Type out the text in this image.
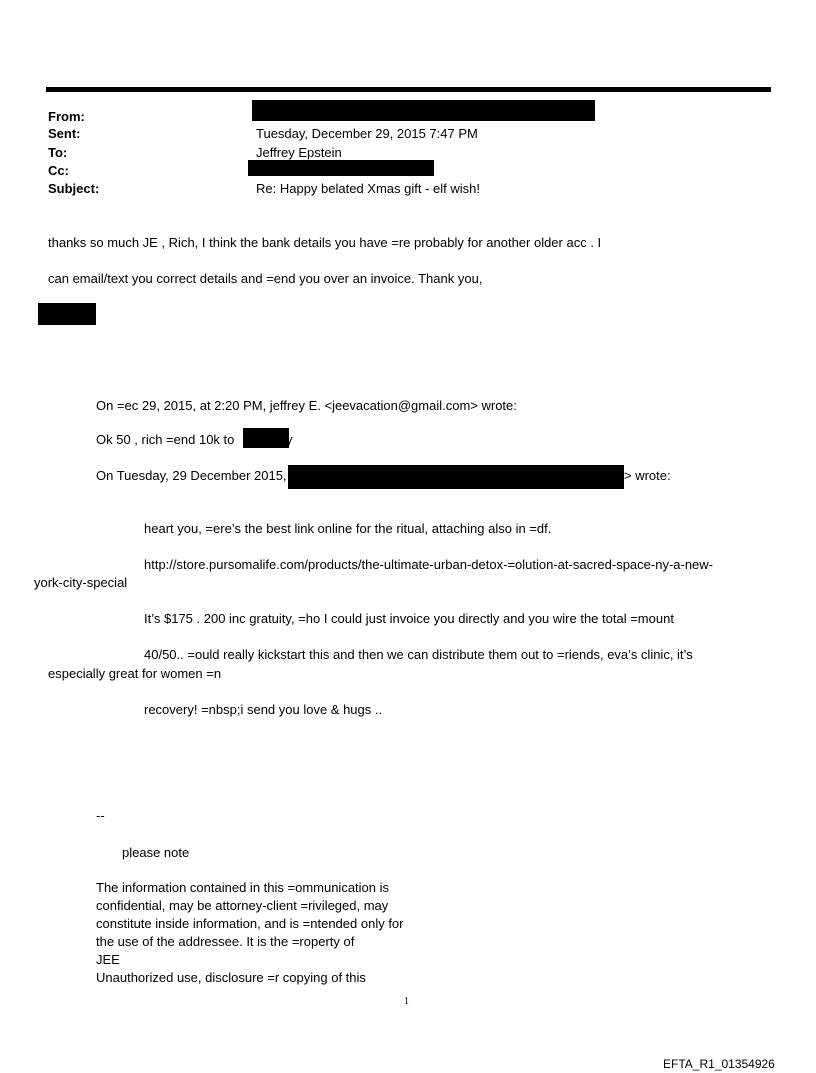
From:
Sent:	Tuesday, December 29, 2015 7:47 PM
To:	Jeffrey Epstein
Cc:
Subject:	Re: Happy belated Xmas gift - elf wish!
thanks so much JE , Rich, I think the bank details you have =re probably for another older acc . I
can email/text you correct details and =end you over an invoice. Thank you,
On =ec 29, 2015, at 2:20 PM, jeffrey E. <jeevacation@gmail.com> wrote:
Ok 50 , rich =end 10k to	y
On Tuesday, 29 December 2015,	> wrote:
heart you, =ere’s the best link online for the ritual, attaching also in =df.
http://store.pursomalife.com/products/the-ultimate-urban-detox-=olution-at-sacred-space-ny-a-new-
york-city-special
It’s $175 . 200 inc gratuity, =ho I could just invoice you directly and you wire the total =mount
40/50.. =ould really kickstart this and then we can distribute them out to =riends, eva’s clinic, it’s
especially great for women =n
recovery! =nbsp;i send you love & hugs ..
--
please note
The information contained in this =ommunication is
confidential, may be attorney-client =rivileged, may
constitute inside information, and is =ntended only for
the use of the addressee. It is the =roperty of
JEE
Unauthorized use, disclosure =r copying of this
1
EFTA_R1_01354926
